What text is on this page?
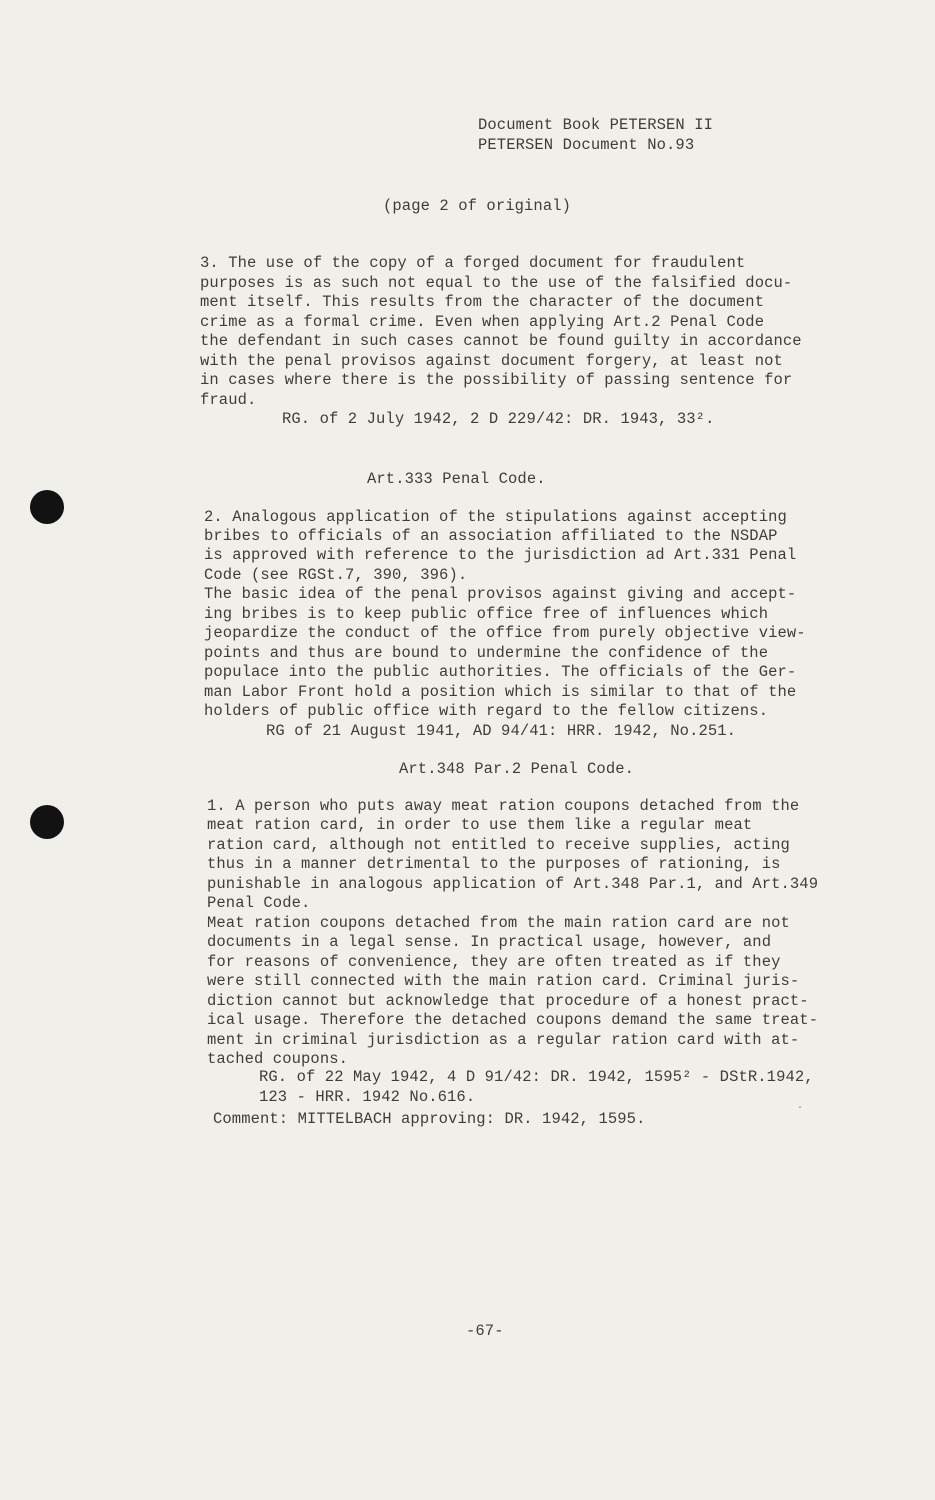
Document Book PETERSEN II
PETERSEN Document No.93
(page 2 of original)
3. The use of the copy of a forged document for fraudulent
purposes is as such not equal to the use of the falsified docu-
ment itself. This results from the character of the document
crime as a formal crime. Even when applying Art.2 Penal Code
the defendant in such cases cannot be found guilty in accordance
with the penal provisos against document forgery, at least not
in cases where there is the possibility of passing sentence for
fraud.
RG. of 2 July 1942, 2 D 229/42: DR. 1943, 33².
Art.333 Penal Code.
2. Analogous application of the stipulations against accepting
bribes to officials of an association affiliated to the NSDAP
is approved with reference to the jurisdiction ad Art.331 Penal
Code (see RGSt.7, 390, 396).
The basic idea of the penal provisos against giving and accept-
ing bribes is to keep public office free of influences which
jeopardize the conduct of the office from purely objective view-
points and thus are bound to undermine the confidence of the
populace into the public authorities. The officials of the Ger-
man Labor Front hold a position which is similar to that of the
holders of public office with regard to the fellow citizens.
RG of 21 August 1941, AD 94/41: HRR. 1942, No.251.
Art.348 Par.2 Penal Code.
1. A person who puts away meat ration coupons detached from the
meat ration card, in order to use them like a regular meat
ration card, although not entitled to receive supplies, acting
thus in a manner detrimental to the purposes of rationing, is
punishable in analogous application of Art.348 Par.1, and Art.349
Penal Code.
Meat ration coupons detached from the main ration card are not
documents in a legal sense. In practical usage, however, and
for reasons of convenience, they are often treated as if they
were still connected with the main ration card. Criminal juris-
diction cannot but acknowledge that procedure of a honest pract-
ical usage. Therefore the detached coupons demand the same treat-
ment in criminal jurisdiction as a regular ration card with at-
tached coupons.
RG. of 22 May 1942, 4 D 91/42: DR. 1942, 1595² - DStR.1942,
123 - HRR. 1942 No.616.
Comment: MITTELBACH approving: DR. 1942, 1595.
·
-67-
